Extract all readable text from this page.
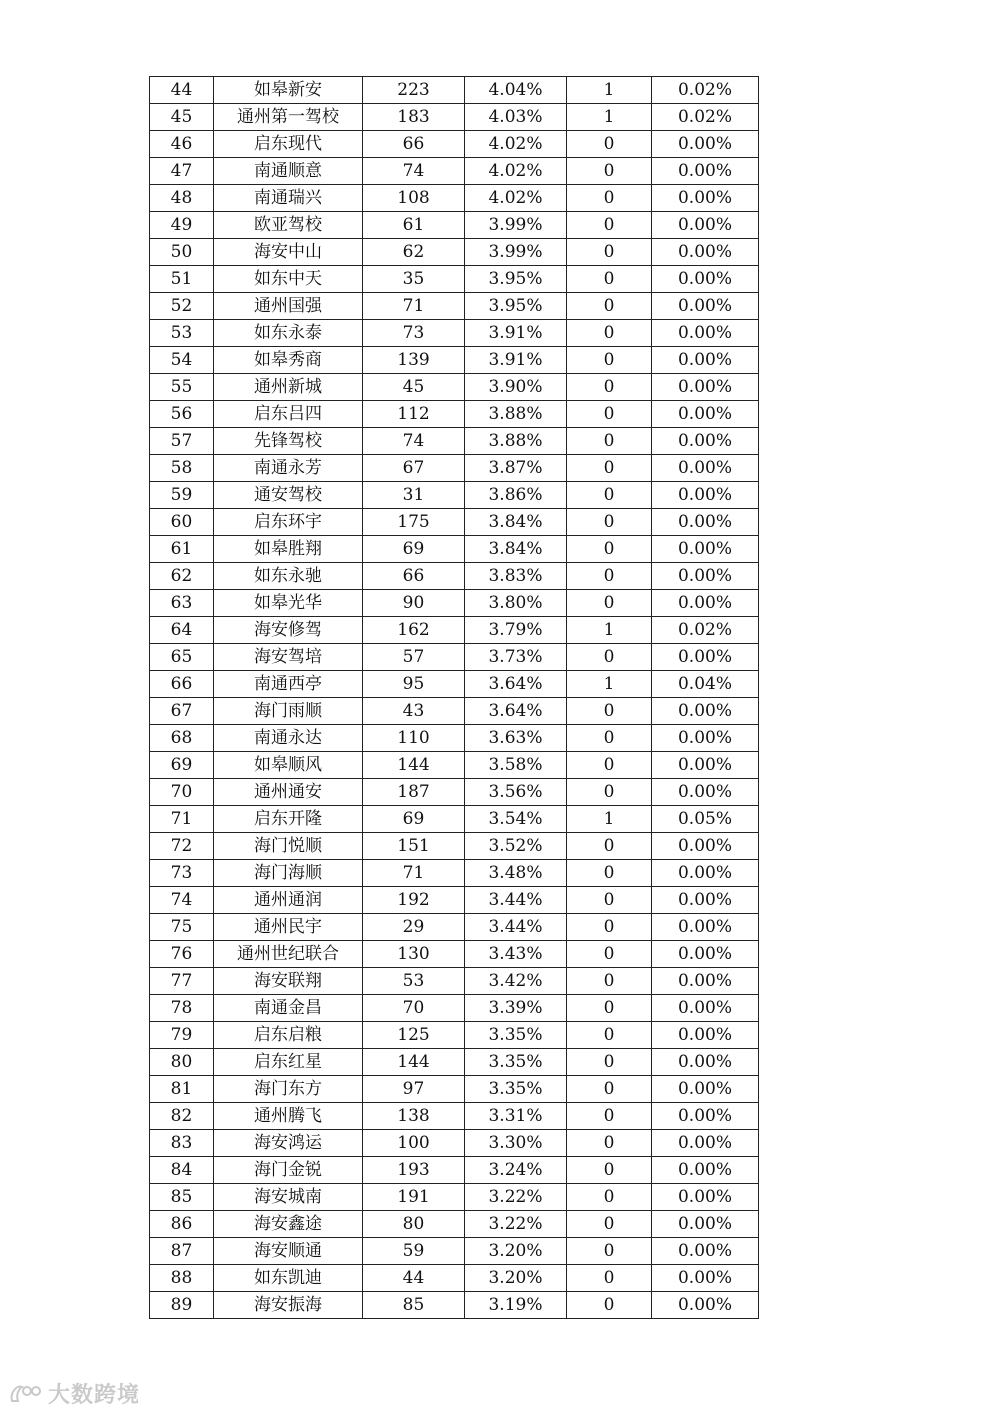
44	如皋新安	223	4.04%	1	0.02%
45	通州第一驾校	183	4.03%	1	0.02%
46	启东现代	66	4.02%	0	0.00%
47	南通顺意	74	4.02%	0	0.00%
48	南通瑞兴	108	4.02%	0	0.00%
49	欧亚驾校	61	3.99%	0	0.00%
50	海安中山	62	3.99%	0	0.00%
51	如东中天	35	3.95%	0	0.00%
52	通州国强	71	3.95%	0	0.00%
53	如东永泰	73	3.91%	0	0.00%
54	如皋秀商	139	3.91%	0	0.00%
55	通州新城	45	3.90%	0	0.00%
56	启东吕四	112	3.88%	0	0.00%
57	先锋驾校	74	3.88%	0	0.00%
58	南通永芳	67	3.87%	0	0.00%
59	通安驾校	31	3.86%	0	0.00%
60	启东环宇	175	3.84%	0	0.00%
61	如皋胜翔	69	3.84%	0	0.00%
62	如东永驰	66	3.83%	0	0.00%
63	如皋光华	90	3.80%	0	0.00%
64	海安修驾	162	3.79%	1	0.02%
65	海安驾培	57	3.73%	0	0.00%
66	南通西亭	95	3.64%	1	0.04%
67	海门雨顺	43	3.64%	0	0.00%
68	南通永达	110	3.63%	0	0.00%
69	如皋顺风	144	3.58%	0	0.00%
70	通州通安	187	3.56%	0	0.00%
71	启东开隆	69	3.54%	1	0.05%
72	海门悦顺	151	3.52%	0	0.00%
73	海门海顺	71	3.48%	0	0.00%
74	通州通润	192	3.44%	0	0.00%
75	通州民宇	29	3.44%	0	0.00%
76	通州世纪联合	130	3.43%	0	0.00%
77	海安联翔	53	3.42%	0	0.00%
78	南通金昌	70	3.39%	0	0.00%
79	启东启粮	125	3.35%	0	0.00%
80	启东红星	144	3.35%	0	0.00%
81	海门东方	97	3.35%	0	0.00%
82	通州腾飞	138	3.31%	0	0.00%
83	海安鸿运	100	3.30%	0	0.00%
84	海门金锐	193	3.24%	0	0.00%
85	海安城南	191	3.22%	0	0.00%
86	海安鑫途	80	3.22%	0	0.00%
87	海安顺通	59	3.20%	0	0.00%
88	如东凯迪	44	3.20%	0	0.00%
89	海安振海	85	3.19%	0	0.00%
大数跨境
